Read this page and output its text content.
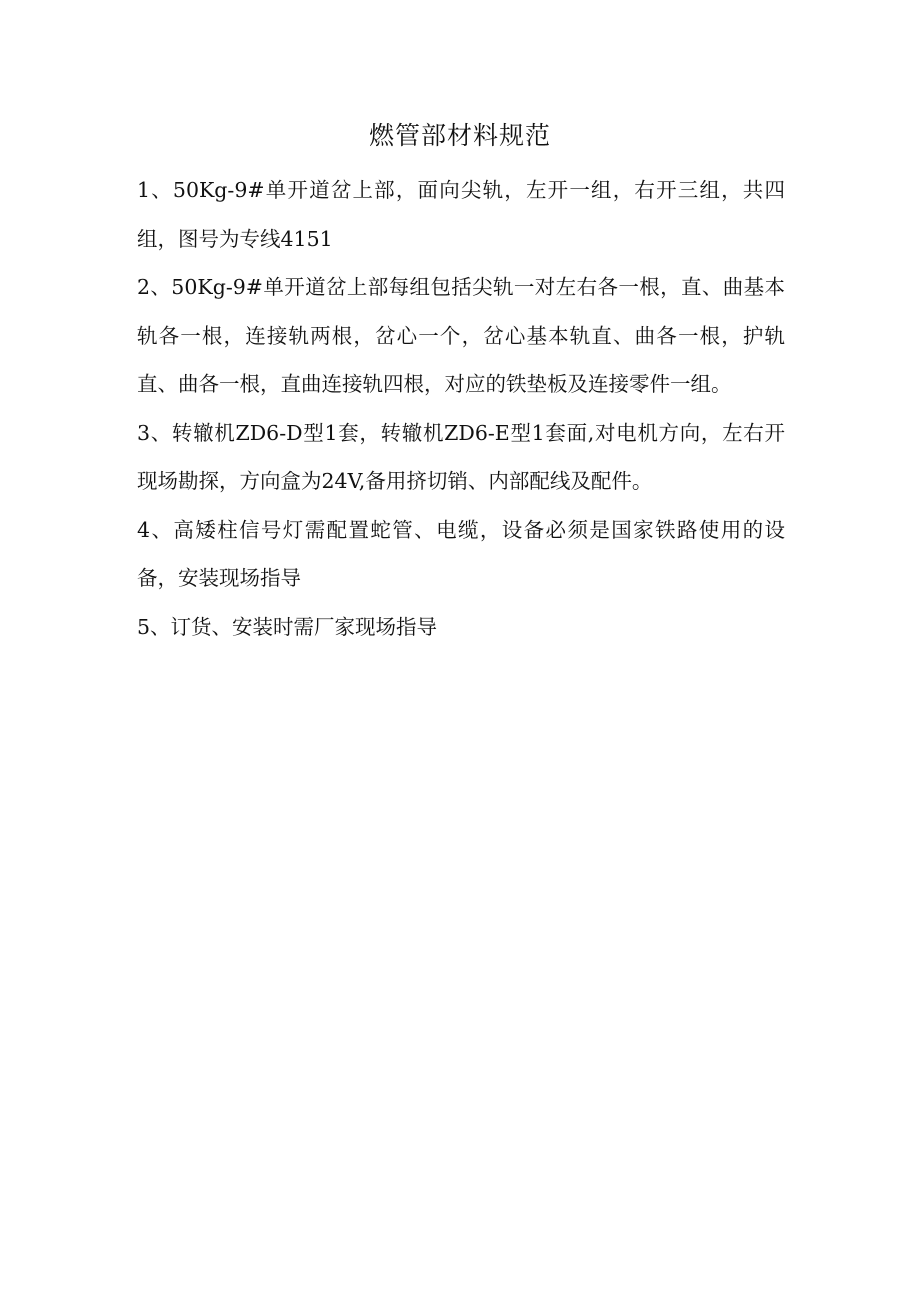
燃管部材料规范

1、50Kg-9#单开道岔上部，面向尖轨，左开一组，右开三组，共四组，图号为专线4151

2、50Kg-9#单开道岔上部每组包括尖轨一对左右各一根，直、曲基本轨各一根，连接轨两根，岔心一个，岔心基本轨直、曲各一根，护轨直、曲各一根，直曲连接轨四根，对应的铁垫板及连接零件一组。

3、转辙机ZD6-D型1套，转辙机ZD6-E型1套面,对电机方向，左右开现场勘探，方向盒为24V,备用挤切销、内部配线及配件。

4、高矮柱信号灯需配置蛇管、电缆，设备必须是国家铁路使用的设备，安装现场指导

5、订货、安装时需厂家现场指导
